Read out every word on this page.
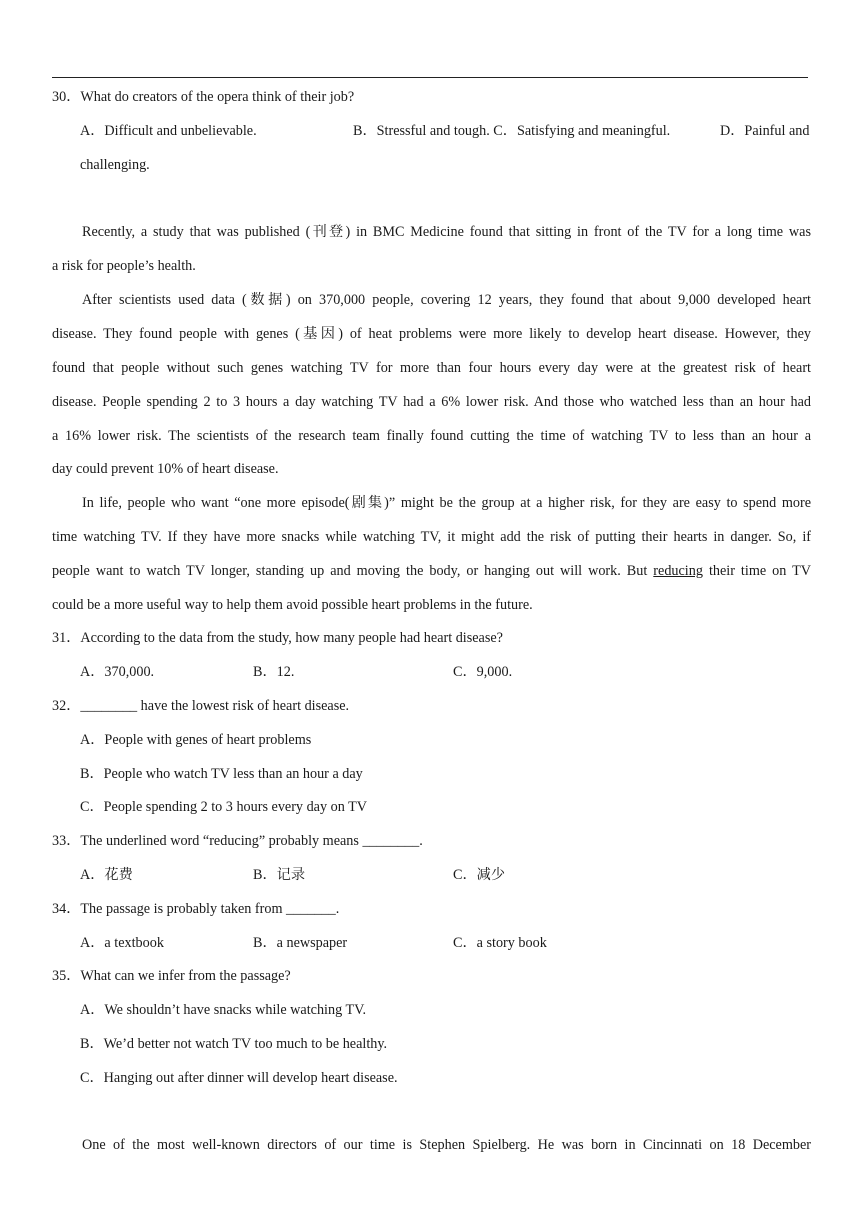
30．What do creators of the opera think of their job?
A．Difficult and unbelievable.	B．Stressful and tough. C．Satisfying and meaningful.	D．Painful and
challenging.
Recently, a study that was published (刊登) in BMC Medicine found that sitting in front of the TV for a long time was
a risk for people’s health.
After scientists used data (数据) on 370,000 people, covering 12 years, they found that about 9,000 developed heart
disease. They found people with genes (基因) of heat problems were more likely to develop heart disease. However, they
found that people without such genes watching TV for more than four hours every day were at the greatest risk of heart
disease. People spending 2 to 3 hours a day watching TV had a 6% lower risk. And those who watched less than an hour had
a 16% lower risk. The scientists of the research team finally found cutting the time of watching TV to less than an hour a
day could prevent 10% of heart disease.
In life, people who want “one more episode(剧集)” might be the group at a higher risk, for they are easy to spend more
time watching TV. If they have more snacks while watching TV, it might add the risk of putting their hearts in danger. So, if
people want to watch TV longer, standing up and moving the body, or hanging out will work. But reducing their time on TV
could be a more useful way to help them avoid possible heart problems in the future.
31．According to the data from the study, how many people had heart disease?
A．370,000.	B．12.	C．9,000.
32．________ have the lowest risk of heart disease.
A．People with genes of heart problems
B．People who watch TV less than an hour a day
C．People spending 2 to 3 hours every day on TV
33．The underlined word “reducing” probably means ________.
A．花费	B．记录	C．减少
34．The passage is probably taken from _______.
A．a textbook	B．a newspaper	C．a story book
35．What can we infer from the passage?
A．We shouldn’t have snacks while watching TV.
B．We’d better not watch TV too much to be healthy.
C．Hanging out after dinner will develop heart disease.
One of the most well-known directors of our time is Stephen Spielberg. He was born in Cincinnati on 18 December
